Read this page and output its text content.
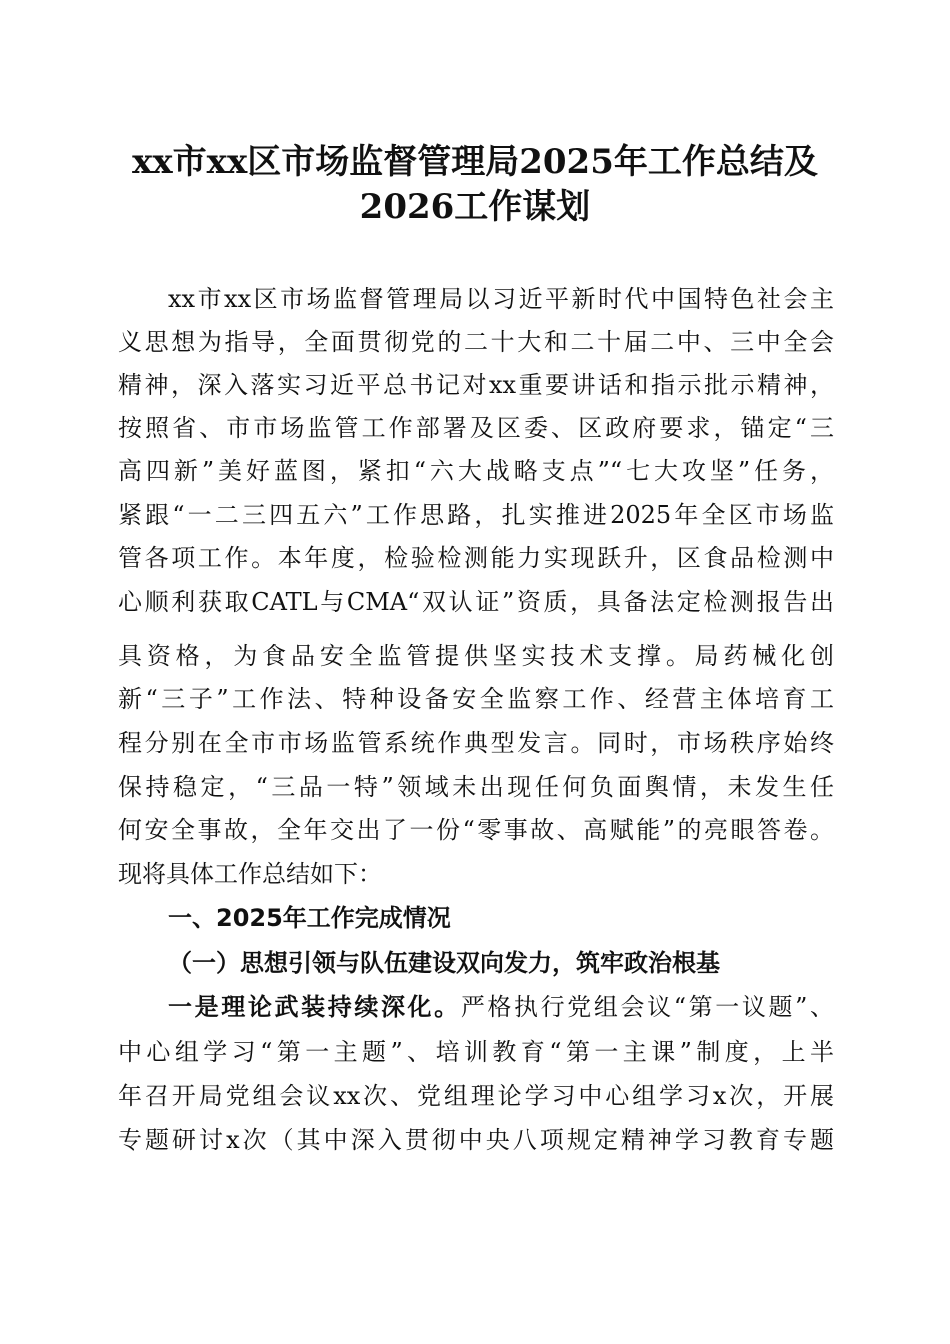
xx市xx区市场监督管理局2025年工作总结及
2026工作谋划
xx市xx区市场监督管理局以习近平新时代中国特色社会主
义思想为指导，全面贯彻党的二十大和二十届二中、三中全会
精神，深入落实习近平总书记对xx重要讲话和指示批示精神，
按照省、市市场监管工作部署及区委、区政府要求，锚定“三
高四新”美好蓝图，紧扣“六大战略支点”“七大攻坚”任务，
紧跟“一二三四五六”工作思路，扎实推进2025年全区市场监
管各项工作。本年度，检验检测能力实现跃升，区食品检测中
心顺利获取CATL与CMA“双认证”资质，具备法定检测报告出
具资格，为食品安全监管提供坚实技术支撑。局药械化创
新“三子”工作法、特种设备安全监察工作、经营主体培育工
程分别在全市市场监管系统作典型发言。同时，市场秩序始终
保持稳定，“三品一特”领域未出现任何负面舆情，未发生任
何安全事故，全年交出了一份“零事故、高赋能”的亮眼答卷。
现将具体工作总结如下：
一、2025年工作完成情况
（一）思想引领与队伍建设双向发力，筑牢政治根基
一是理论武装持续深化。严格执行党组会议“第一议题”、
中心组学习“第一主题”、培训教育“第一主课”制度，上半
年召开局党组会议xx次、党组理论学习中心组学习x次，开展
专题研讨x次（其中深入贯彻中央八项规定精神学习教育专题
